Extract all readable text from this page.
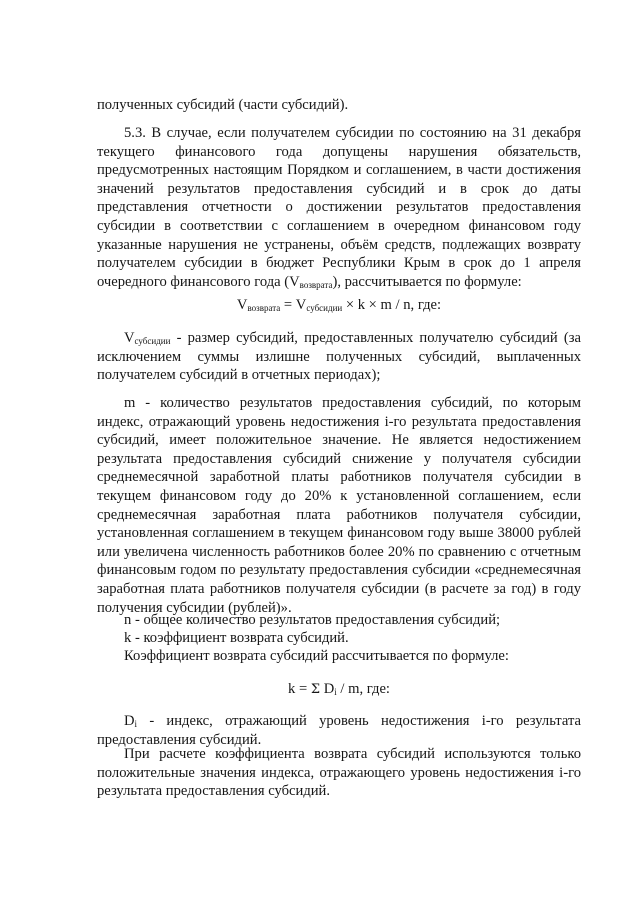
полученных субсидий (части субсидий).

5.3. В случае, если получателем субсидии по состоянию на 31 декабря текущего финансового года допущены нарушения обязательств, предусмотренных настоящим Порядком и соглашением, в части достижения значений результатов предоставления субсидий и в срок до даты представления отчетности о достижении результатов предоставления субсидии в соответствии с соглашением в очередном финансовом году указанные нарушения не устранены, объём средств, подлежащих возврату получателем субсидии в бюджет Республики Крым в срок до 1 апреля очередного финансового года $(V_{возврата})$, рассчитывается по формуле:

$V_{возврата} = V_{субсидии} \times k \times m / n$, где:

$V_{субсидии}$ - размер субсидий, предоставленных получателю субсидий (за исключением суммы излишне полученных субсидий, выплаченных получателем субсидий в отчетных периодах);

m - количество результатов предоставления субсидий, по которым индекс, отражающий уровень недостижения i-го результата предоставления субсидий, имеет положительное значение. Не является недостижением результата предоставления субсидий снижение у получателя субсидии среднемесячной заработной платы работников получателя субсидии в текущем финансовом году до 20% к установленной соглашением, если среднемесячная заработная плата работников получателя субсидии, установленная соглашением в текущем финансовом году выше 38000 рублей или увеличена численность работников более 20% по сравнению с отчетным финансовым годом по результату предоставления субсидии «среднемесячная заработная плата работников получателя субсидии (в расчете за год) в году получения субсидии (рублей)».

n - общее количество результатов предоставления субсидий;

k - коэффициент возврата субсидий.

Коэффициент возврата субсидий рассчитывается по формуле:

k = Σ $D_i$ / m, где:

$D_i$ - индекс, отражающий уровень недостижения i-го результата предоставления субсидий.

При расчете коэффициента возврата субсидий используются только положительные значения индекса, отражающего уровень недостижения i-го результата предоставления субсидий.
